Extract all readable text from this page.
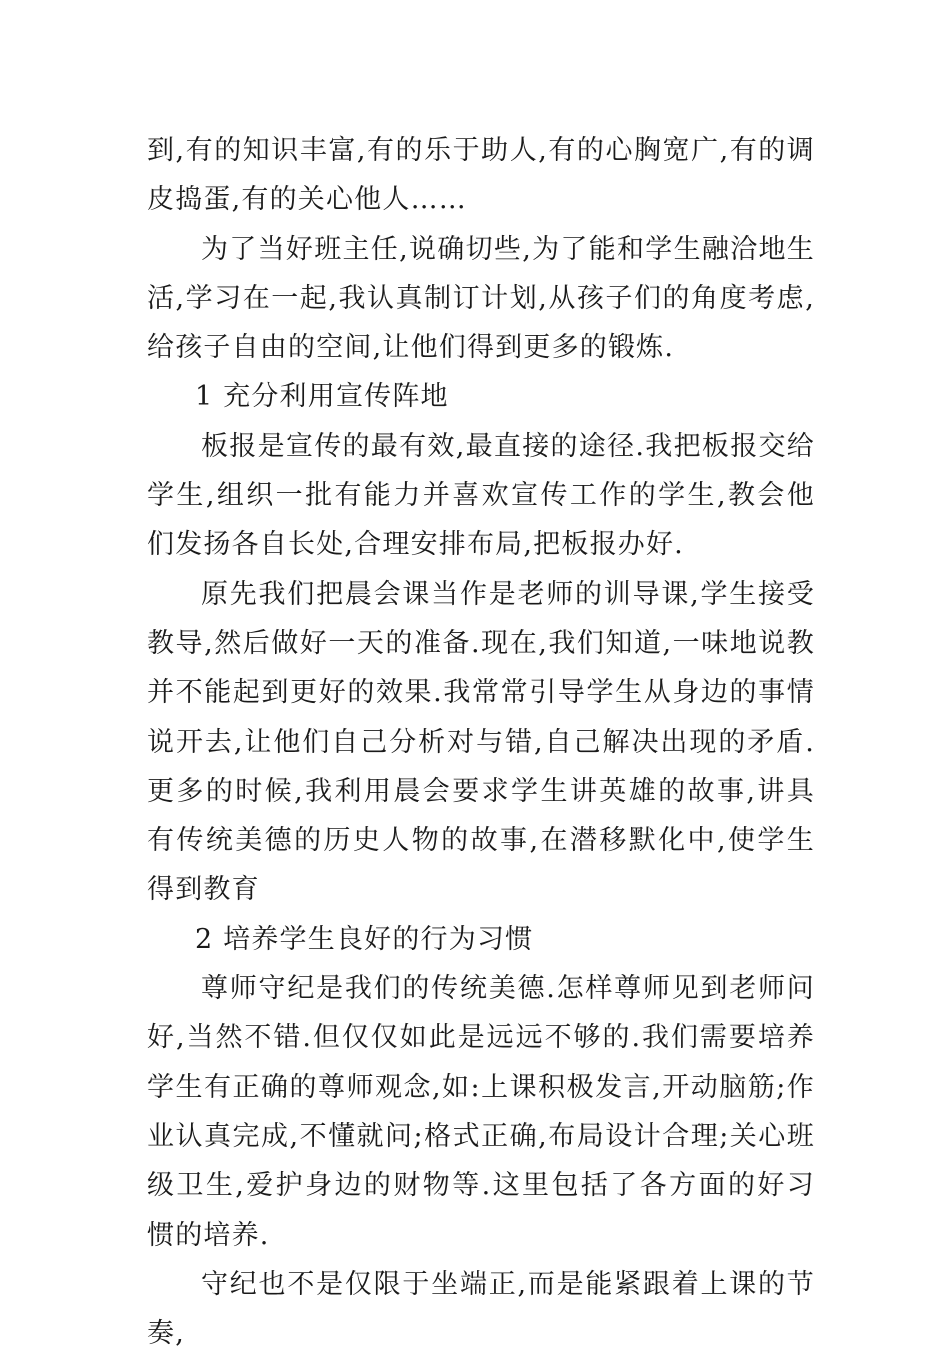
到,有的知识丰富,有的乐于助人,有的心胸宽广,有的调皮捣蛋,有的关心他人……

为了当好班主任,说确切些,为了能和学生融洽地生活,学习在一起,我认真制订计划,从孩子们的角度考虑,给孩子自由的空间,让他们得到更多的锻炼.

1 充分利用宣传阵地

板报是宣传的最有效,最直接的途径.我把板报交给学生,组织一批有能力并喜欢宣传工作的学生,教会他们发扬各自长处,合理安排布局,把板报办好.

原先我们把晨会课当作是老师的训导课,学生接受教导,然后做好一天的准备.现在,我们知道,一味地说教并不能起到更好的效果.我常常引导学生从身边的事情说开去,让他们自己分析对与错,自己解决出现的矛盾.更多的时候,我利用晨会要求学生讲英雄的故事,讲具有传统美德的历史人物的故事,在潜移默化中,使学生得到教育

2 培养学生良好的行为习惯

尊师守纪是我们的传统美德.怎样尊师见到老师问好,当然不错.但仅仅如此是远远不够的.我们需要培养学生有正确的尊师观念,如:上课积极发言,开动脑筋;作业认真完成,不懂就问;格式正确,布局设计合理;关心班级卫生,爱护身边的财物等.这里包括了各方面的好习惯的培养.

守纪也不是仅限于坐端正,而是能紧跟着上课的节奏,
